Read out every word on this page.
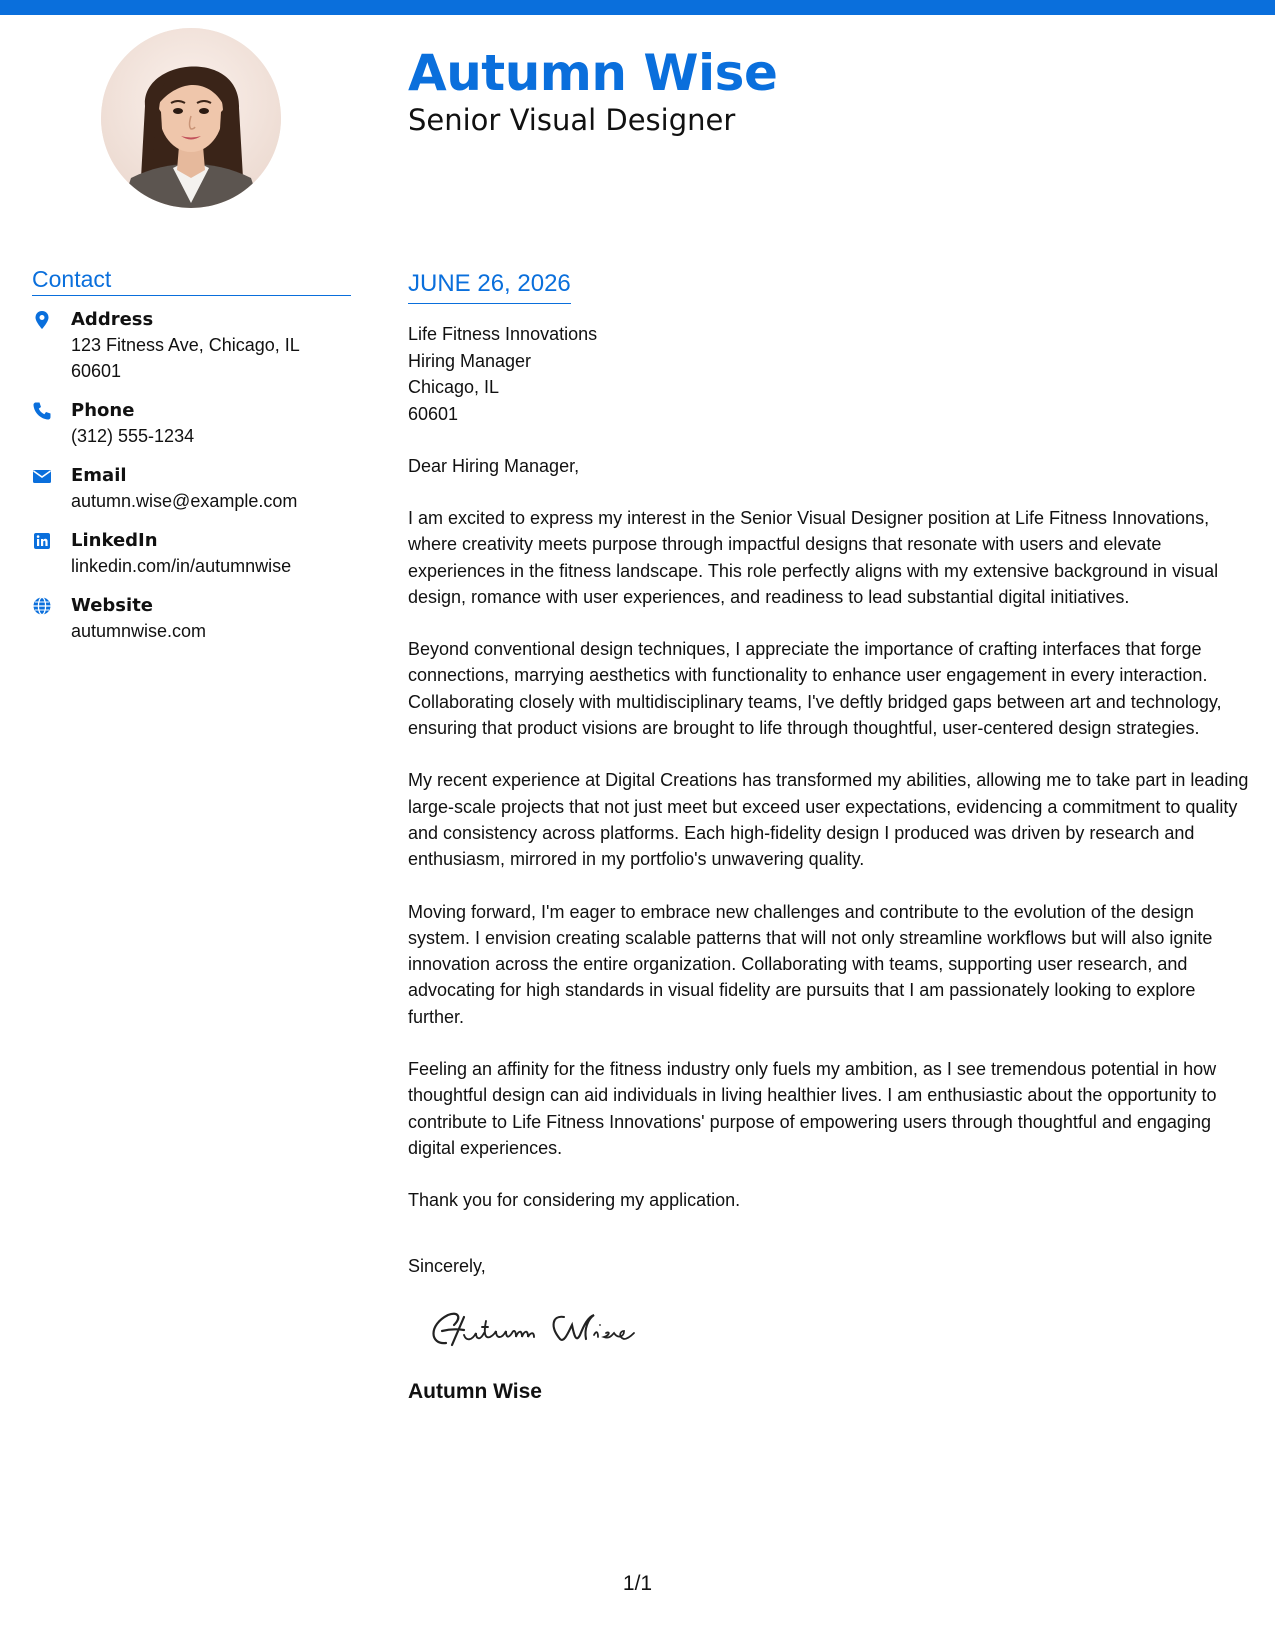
Autumn Wise
Senior Visual Designer
Contact
Address
123 Fitness Ave, Chicago, IL 60601
Phone
(312) 555-1234
Email
autumn.wise@example.com
LinkedIn
linkedin.com/in/autumnwise
Website
autumnwise.com
JUNE 26, 2026
Life Fitness Innovations
Hiring Manager
Chicago, IL
60601
Dear Hiring Manager,

I am excited to express my interest in the Senior Visual Designer position at Life Fitness Innovations, where creativity meets purpose through impactful designs that resonate with users and elevate experiences in the fitness landscape. This role perfectly aligns with my extensive background in visual design, romance with user experiences, and readiness to lead substantial digital initiatives.

Beyond conventional design techniques, I appreciate the importance of crafting interfaces that forge connections, marrying aesthetics with functionality to enhance user engagement in every interaction. Collaborating closely with multidisciplinary teams, I've deftly bridged gaps between art and technology, ensuring that product visions are brought to life through thoughtful, user-centered design strategies.

My recent experience at Digital Creations has transformed my abilities, allowing me to take part in leading large-scale projects that not just meet but exceed user expectations, evidencing a commitment to quality and consistency across platforms. Each high-fidelity design I produced was driven by research and enthusiasm, mirrored in my portfolio's unwavering quality.

Moving forward, I'm eager to embrace new challenges and contribute to the evolution of the design system. I envision creating scalable patterns that will not only streamline workflows but will also ignite innovation across the entire organization. Collaborating with teams, supporting user research, and advocating for high standards in visual fidelity are pursuits that I am passionately looking to explore further.

Feeling an affinity for the fitness industry only fuels my ambition, as I see tremendous potential in how thoughtful design can aid individuals in living healthier lives. I am enthusiastic about the opportunity to contribute to Life Fitness Innovations' purpose of empowering users through thoughtful and engaging digital experiences.

Thank you for considering my application.
Sincerely,
Autumn Wise
1/1
